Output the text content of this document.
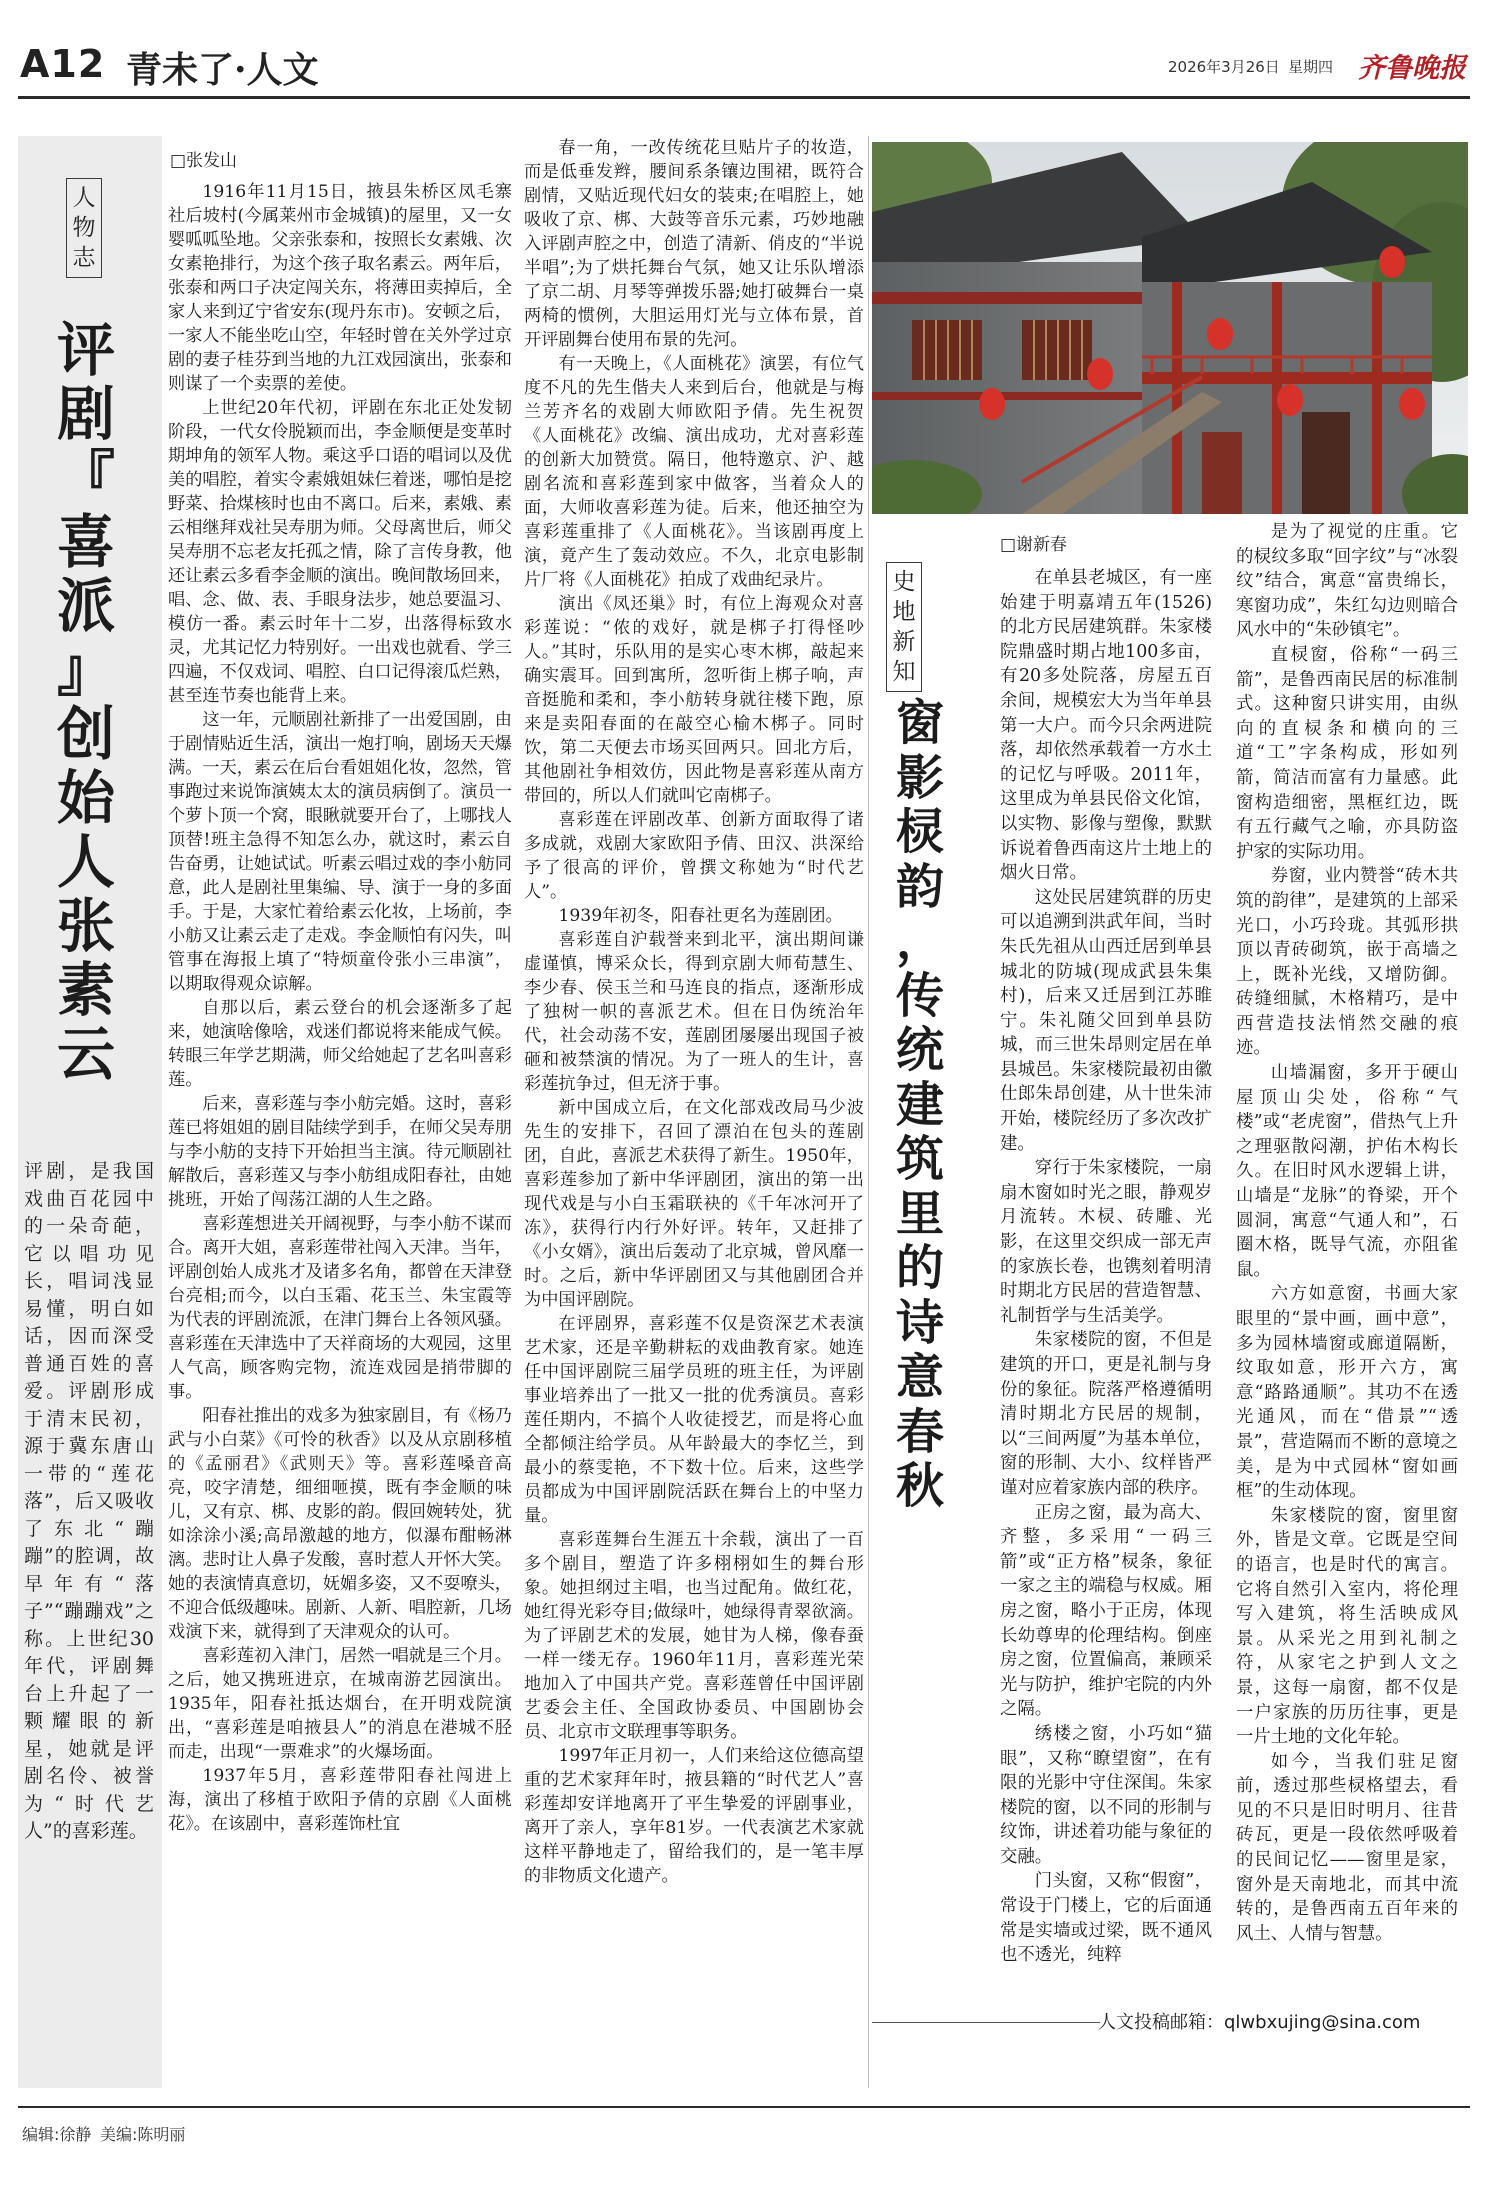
A12 青未了·人文	2026年3月26日 星期四 齐鲁晚报
人
物
志
评
剧
『
喜
派
』
创
始
人
张
素
云
评剧，是我国戏曲百花园中的一朵奇葩，它以唱功见长，唱词浅显易懂，明白如话，因而深受普通百姓的喜爱。评剧形成于清末民初，源于冀东唐山一带的“莲花落”，后又吸收了东北“蹦蹦”的腔调，故早年有“落子”“蹦蹦戏”之称。上世纪30年代，评剧舞台上升起了一颗耀眼的新星，她就是评剧名伶、被誉为“时代艺人”的喜彩莲。
□张发山

1916年11月15日，掖县朱桥区凤毛寨社后坡村(今属莱州市金城镇)的屋里，又一女婴呱呱坠地。父亲张泰和，按照长女素娥、次女素艳排行，为这个孩子取名素云。两年后，张泰和两口子决定闯关东，将薄田卖掉后，全家人来到辽宁省安东(现丹东市)。安顿之后，一家人不能坐吃山空，年轻时曾在关外学过京剧的妻子桂芬到当地的九江戏园演出，张泰和则谋了一个卖票的差使。

上世纪20年代初，评剧在东北正处发韧阶段，一代女伶脱颖而出，李金顺便是变革时期坤角的领军人物。乘这乎口语的唱词以及优美的唱腔，着实令素娥姐妹仨着迷，哪怕是挖野菜、拾煤核时也由不离口。后来，素娥、素云相继拜戏社吴寿朋为师。父母离世后，师父吴寿朋不忘老友托孤之情，除了言传身教，他还让素云多看李金顺的演出。晚间散场回来，唱、念、做、表、手眼身法步，她总要温习、模仿一番。素云时年十二岁，出落得标致水灵，尤其记忆力特别好。一出戏也就看、学三四遍，不仅戏词、唱腔、白口记得滚瓜烂熟，甚至连节奏也能背上来。

这一年，元顺剧社新排了一出爱国剧，由于剧情贴近生活，演出一炮打响，剧场天天爆满。一天，素云在后台看姐姐化妆，忽然，管事跑过来说饰演姨太太的演员病倒了。演员一个萝卜顶一个窝，眼瞅就要开台了，上哪找人顶替!班主急得不知怎么办，就这时，素云自告奋勇，让她试试。听素云唱过戏的李小舫同意，此人是剧社里集编、导、演于一身的多面手。于是，大家忙着给素云化妆，上场前，李小舫又让素云走了走戏。李金顺怕有闪失，叫管事在海报上填了“特烦童伶张小三串演”，以期取得观众谅解。

自那以后，素云登台的机会逐渐多了起来，她演啥像啥，戏迷们都说将来能成气候。转眼三年学艺期满，师父给她起了艺名叫喜彩莲。

后来，喜彩莲与李小舫完婚。这时，喜彩莲已将姐姐的剧目陆续学到手，在师父吴寿朋与李小舫的支持下开始担当主演。待元顺剧社解散后，喜彩莲又与李小舫组成阳春社，由她挑班，开始了闯荡江湖的人生之路。

喜彩莲想进关开阔视野，与李小舫不谋而合。离开大姐，喜彩莲带社闯入天津。当年，评剧创始人成兆才及诸多名角，都曾在天津登台亮相;而今，以白玉霜、花玉兰、朱宝霞等为代表的评剧流派，在津门舞台上各领风骚。喜彩莲在天津选中了天祥商场的大观园，这里人气高，顾客购完物，流连戏园是捎带脚的事。

阳春社推出的戏多为独家剧目，有《杨乃武与小白菜》《可怜的秋香》以及从京剧移植的《孟丽君》《武则天》等。喜彩莲嗓音高亮，咬字清楚，细细咂摸，既有李金顺的味儿，又有京、梆、皮影的韵。假回婉转处，犹如涂涂小溪;高昂激越的地方，似瀑布酣畅淋漓。悲时让人鼻子发酸，喜时惹人开怀大笑。她的表演情真意切，妩媚多姿，又不耍嘹头，不迎合低级趣味。剧新、人新、唱腔新，几场戏演下来，就得到了天津观众的认可。

喜彩莲初入津门，居然一唱就是三个月。之后，她又携班进京，在城南游艺园演出。1935年，阳春社抵达烟台，在开明戏院演出，“喜彩莲是咱掖县人”的消息在港城不胫而走，出现“一票难求”的火爆场面。

1937年5月，喜彩莲带阳春社闯进上海，演出了移植于欧阳予倩的京剧《人面桃花》。在该剧中，喜彩莲饰杜宜

春一角，一改传统花旦贴片子的妆造，而是低垂发辫，腰间系条镶边围裙，既符合剧情，又贴近现代妇女的装束;在唱腔上，她吸收了京、梆、大鼓等音乐元素，巧妙地融入评剧声腔之中，创造了清新、俏皮的“半说半唱”;为了烘托舞台气氛，她又让乐队增添了京二胡、月琴等弹拨乐器;她打破舞台一桌两椅的惯例，大胆运用灯光与立体布景，首开评剧舞台使用布景的先河。

有一天晚上，《人面桃花》演罢，有位气度不凡的先生偕夫人来到后台，他就是与梅兰芳齐名的戏剧大师欧阳予倩。先生祝贺《人面桃花》改编、演出成功，尤对喜彩莲的创新大加赞赏。隔日，他特邀京、沪、越剧名流和喜彩莲到家中做客，当着众人的面，大师收喜彩莲为徒。后来，他还抽空为喜彩莲重排了《人面桃花》。当该剧再度上演，竟产生了轰动效应。不久，北京电影制片厂将《人面桃花》拍成了戏曲纪录片。

演出《凤还巢》时，有位上海观众对喜彩莲说：“侬的戏好，就是梆子打得怪吵人。”其时，乐队用的是实心枣木梆，敲起来确实震耳。回到寓所，忽听街上梆子响，声音挺脆和柔和，李小舫转身就往楼下跑，原来是卖阳春面的在敲空心榆木梆子。同时饮，第二天便去市场买回两只。回北方后，其他剧社争相效仿，因此物是喜彩莲从南方带回的，所以人们就叫它南梆子。

喜彩莲在评剧改革、创新方面取得了诸多成就，戏剧大家欧阳予倩、田汉、洪深给予了很高的评价，曾撰文称她为“时代艺人”。

1939年初冬，阳春社更名为莲剧团。

喜彩莲自沪载誉来到北平，演出期间谦虚谨慎，博采众长，得到京剧大师荀慧生、李少春、侯玉兰和马连良的指点，逐渐形成了独树一帜的喜派艺术。但在日伪统治年代，社会动荡不安，莲剧团屡屡出现国子被砸和被禁演的情况。为了一班人的生计，喜彩莲抗争过，但无济于事。

新中国成立后，在文化部戏改局马少波先生的安排下，召回了漂泊在包头的莲剧团，自此，喜派艺术获得了新生。1950年，喜彩莲参加了新中华评剧团，演出的第一出现代戏是与小白玉霜联袂的《千年冰河开了冻》，获得行内行外好评。转年，又赶排了《小女婿》，演出后轰动了北京城，曾风靡一时。之后，新中华评剧团又与其他剧团合并为中国评剧院。

在评剧界，喜彩莲不仅是资深艺术表演艺术家，还是辛勤耕耘的戏曲教育家。她连任中国评剧院三届学员班的班主任，为评剧事业培养出了一批又一批的优秀演员。喜彩莲任期内，不搞个人收徒授艺，而是将心血全都倾注给学员。从年龄最大的李忆兰，到最小的蔡雯艳，不下数十位。后来，这些学员都成为中国评剧院活跃在舞台上的中坚力量。

喜彩莲舞台生涯五十余载，演出了一百多个剧目，塑造了许多栩栩如生的舞台形象。她担纲过主唱，也当过配角。做红花，她红得光彩夺目;做绿叶，她绿得青翠欲滴。为了评剧艺术的发展，她甘为人梯，像春蚕一样一缕无存。1960年11月，喜彩莲光荣地加入了中国共产党。喜彩莲曾任中国评剧艺委会主任、全国政协委员、中国剧协会员、北京市文联理事等职务。

1997年正月初一，人们来给这位德高望重的艺术家拜年时，掖县籍的“时代艺人”喜彩莲却安详地离开了平生挚爱的评剧事业，离开了亲人，享年81岁。一代表演艺术家就这样平静地走了，留给我们的，是一笔丰厚的非物质文化遗产。

史
地
新
知
窗
影
棂
韵
，
传
统
建
筑
里
的
诗
意
春
秋
□谢新春

在单县老城区，有一座始建于明嘉靖五年(1526)的北方民居建筑群。朱家楼院鼎盛时期占地100多亩，有20多处院落，房屋五百余间，规模宏大为当年单县第一大户。而今只余两进院落，却依然承载着一方水土的记忆与呼吸。2011年，这里成为单县民俗文化馆，以实物、影像与塑像，默默诉说着鲁西南这片土地上的烟火日常。

这处民居建筑群的历史可以追溯到洪武年间，当时朱氏先祖从山西迁居到单县城北的防城(现成武县朱集村)，后来又迁居到江苏睢宁。朱礼随父回到单县防城，而三世朱昂则定居在单县城邑。朱家楼院最初由徽仕郎朱昂创建，从十世朱沛开始，楼院经历了多次改扩建。

穿行于朱家楼院，一扇扇木窗如时光之眼，静观岁月流转。木棂、砖雕、光影，在这里交织成一部无声的家族长卷，也镌刻着明清时期北方民居的营造智慧、礼制哲学与生活美学。

朱家楼院的窗，不但是建筑的开口，更是礼制与身份的象征。院落严格遵循明清时期北方民居的规制，以“三间两厦”为基本单位，窗的形制、大小、纹样皆严谨对应着家族内部的秩序。

正房之窗，最为高大、齐整，多采用“一码三箭”或“正方格”棂条，象征一家之主的端稳与权威。厢房之窗，略小于正房，体现长幼尊卑的伦理结构。倒座房之窗，位置偏高，兼顾采光与防护，维护宅院的内外之隔。

绣楼之窗，小巧如“猫眼”，又称“瞭望窗”，在有限的光影中守住深闺。朱家楼院的窗，以不同的形制与纹饰，讲述着功能与象征的交融。

门头窗，又称“假窗”，常设于门楼上，它的后面通常是实墙或过梁，既不通风也不透光，纯粹

是为了视觉的庄重。它的棂纹多取“回字纹”与“冰裂纹”结合，寓意“富贵绵长，寒窗功成”，朱红勾边则暗合风水中的“朱砂镇宅”。

直棂窗，俗称“一码三箭”，是鲁西南民居的标准制式。这种窗只讲实用，由纵向的直棂条和横向的三道“工”字条构成，形如列箭，简洁而富有力量感。此窗构造细密，黑框红边，既有五行藏气之喻，亦具防盗护家的实际功用。

券窗，业内赞誉“砖木共筑的韵律”，是建筑的上部采光口，小巧玲珑。其弧形拱顶以青砖砌筑，嵌于高墙之上，既补光线，又增防御。砖缝细腻，木格精巧，是中西营造技法悄然交融的痕迹。

山墙漏窗，多开于硬山屋顶山尖处，俗称“气楼”或“老虎窗”，借热气上升之理驱散闷潮，护佑木构长久。在旧时风水逻辑上讲，山墙是“龙脉”的脊梁，开个圆洞，寓意“气通人和”，石圈木格，既导气流，亦阻雀鼠。

六方如意窗，书画大家眼里的“景中画，画中意”，多为园林墙窗或廊道隔断，纹取如意，形开六方，寓意“路路通顺”。其功不在透光通风，而在“借景”“透景”，营造隔而不断的意境之美，是为中式园林“窗如画框”的生动体现。

朱家楼院的窗，窗里窗外，皆是文章。它既是空间的语言，也是时代的寓言。它将自然引入室内，将伦理写入建筑，将生活映成风景。从采光之用到礼制之符，从家宅之护到人文之景，这每一扇窗，都不仅是一户家族的历历往事，更是一片土地的文化年轮。

如今，当我们驻足窗前，透过那些棂格望去，看见的不只是旧时明月、往昔砖瓦，更是一段依然呼吸着的民间记忆——窗里是家，窗外是天南地北，而其中流转的，是鲁西南五百年来的风土、人情与智慧。

人文投稿邮箱：qlwbxujing@sina.com
编辑:徐静 美编:陈明丽
